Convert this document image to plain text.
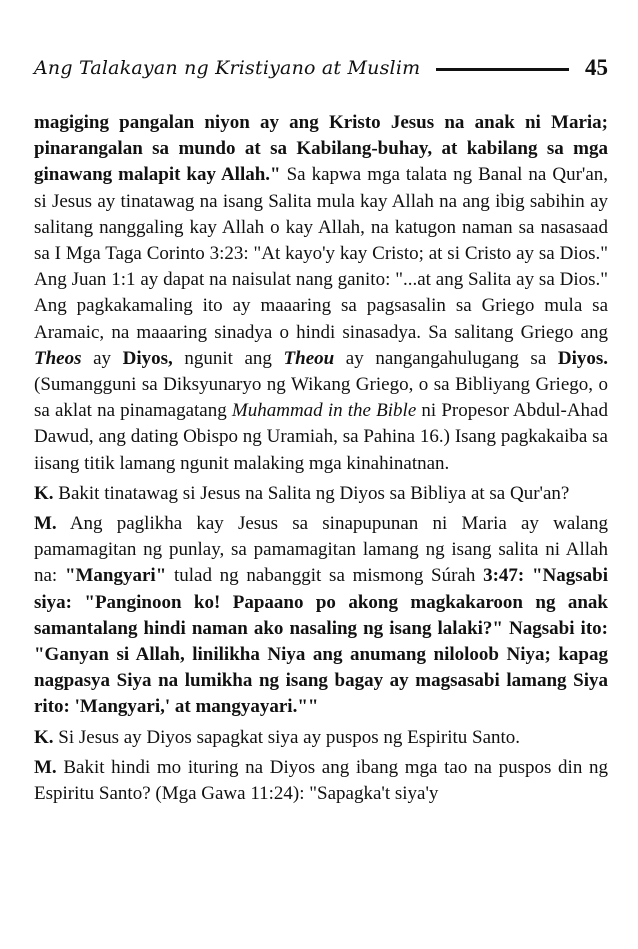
Ang Talakayan ng Kristiyano at Muslim	45

magiging pangalan niyon ay ang Kristo Jesus na anak ni Maria; pinarangalan sa mundo at sa Kabilang-buhay, at kabilang sa mga ginawang malapit kay Allah." Sa kapwa mga talata ng Banal na Qur'an, si Jesus ay tinatawag na isang Salita mula kay Allah na ang ibig sabihin ay salitang nanggaling kay Allah o kay Allah, na katugon naman sa nasasaad sa I Mga Taga Corinto 3:23: "At kayo'y kay Cristo; at si Cristo ay sa Dios." Ang Juan 1:1 ay dapat na naisulat nang ganito: "...at ang Salita ay sa Dios." Ang pagkakamaling ito ay maaaring sa pagsasalin sa Griego mula sa Aramaic, na maaaring sinadya o hindi sinasadya. Sa salitang Griego ang Theos ay Diyos, ngunit ang Theou ay nangangahulugang sa Diyos. (Sumangguni sa Diksyunaryo ng Wikang Griego, o sa Bibliyang Griego, o sa aklat na pinamagatang Muhammad in the Bible ni Propesor Abdul-Ahad Dawud, ang dating Obispo ng Uramiah, sa Pahina 16.) Isang pagkakaiba sa iisang titik lamang ngunit malaking mga kinahinatnan.

K. Bakit tinatawag si Jesus na Salita ng Diyos sa Bibliya at sa Qur'an?

M. Ang paglikha kay Jesus sa sinapupunan ni Maria ay walang pamamagitan ng punlay, sa pamamagitan lamang ng isang salita ni Allah na: "Mangyari" tulad ng nabanggit sa mismong Súrah 3:47: "Nagsabi siya: "Panginoon ko! Papaano po akong magkakaroon ng anak samantalang hindi naman ako nasaling ng isang lalaki?" Nagsabi ito: "Ganyan si Allah, linilikha Niya ang anumang niloloob Niya; kapag nagpasya Siya na lumikha ng isang bagay ay magsasabi lamang Siya rito: 'Mangyari,' at mangyayari.""

K. Si Jesus ay Diyos sapagkat siya ay puspos ng Espiritu Santo.

M. Bakit hindi mo ituring na Diyos ang ibang mga tao na puspos din ng Espiritu Santo? (Mga Gawa 11:24): "Sapagka't siya'y
